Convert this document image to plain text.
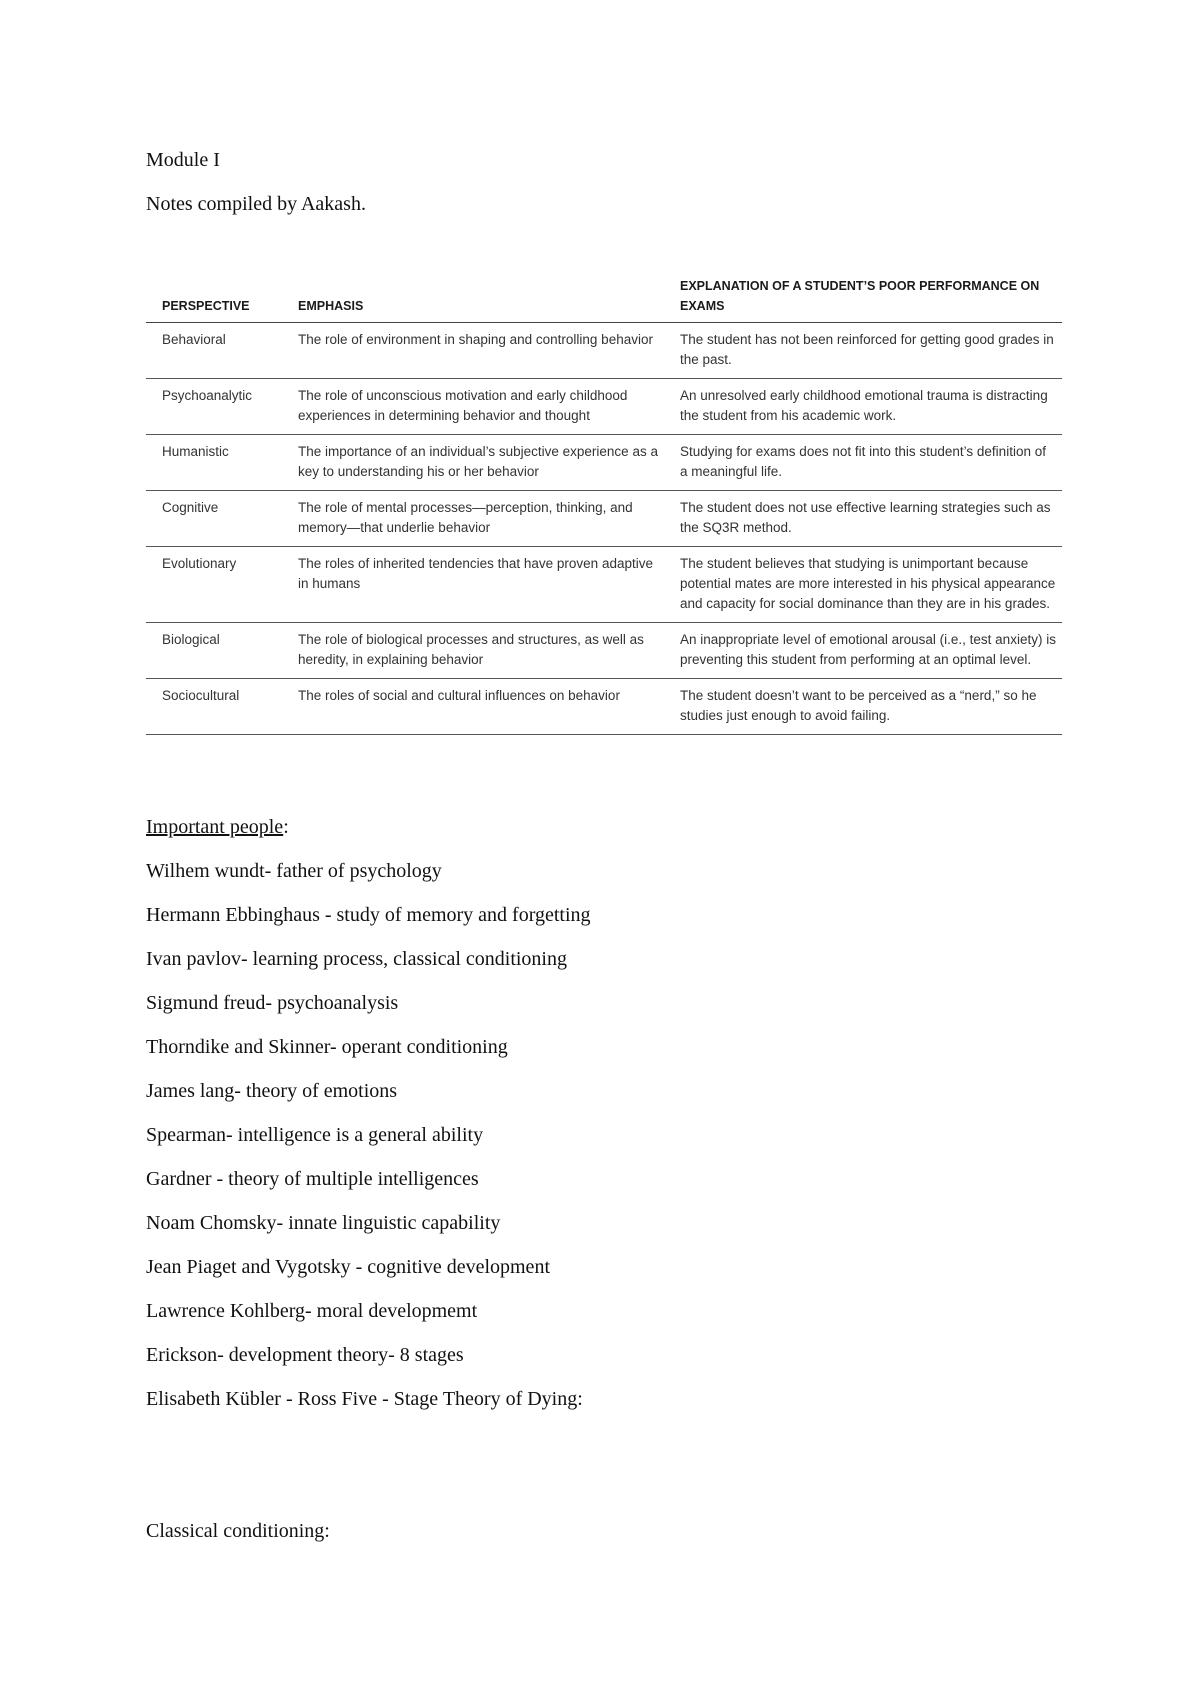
Module I
Notes compiled by Aakash.
PERSPECTIVE	EMPHASIS	EXPLANATION OF A STUDENT’S POOR PERFORMANCE ON EXAMS
Behavioral	The role of environment in shaping and controlling behavior	The student has not been reinforced for getting good grades in the past.
Psychoanalytic	The role of unconscious motivation and early childhood experiences in determining behavior and thought	An unresolved early childhood emotional trauma is distracting the student from his academic work.
Humanistic	The importance of an individual’s subjective experience as a key to understanding his or her behavior	Studying for exams does not fit into this student’s definition of a meaningful life.
Cognitive	The role of mental processes—perception, thinking, and memory—that underlie behavior	The student does not use effective learning strategies such as the SQ3R method.
Evolutionary	The roles of inherited tendencies that have proven adaptive in humans	The student believes that studying is unimportant because potential mates are more interested in his physical appearance and capacity for social dominance than they are in his grades.
Biological	The role of biological processes and structures, as well as heredity, in explaining behavior	An inappropriate level of emotional arousal (i.e., test anxiety) is preventing this student from performing at an optimal level.
Sociocultural	The roles of social and cultural influences on behavior	The student doesn’t want to be perceived as a “nerd,” so he studies just enough to avoid failing.
Important people:
Wilhem wundt- father of psychology
Hermann Ebbinghaus - study of memory and forgetting
Ivan pavlov- learning process, classical conditioning
Sigmund freud- psychoanalysis
Thorndike and Skinner- operant conditioning
James lang- theory of emotions
Spearman- intelligence is a general ability
Gardner - theory of multiple intelligences
Noam Chomsky- innate linguistic capability
Jean Piaget and Vygotsky - cognitive development
Lawrence Kohlberg- moral developmemt
Erickson- development theory- 8 stages
Elisabeth Kübler - Ross Five - Stage Theory of Dying:
Classical conditioning:
